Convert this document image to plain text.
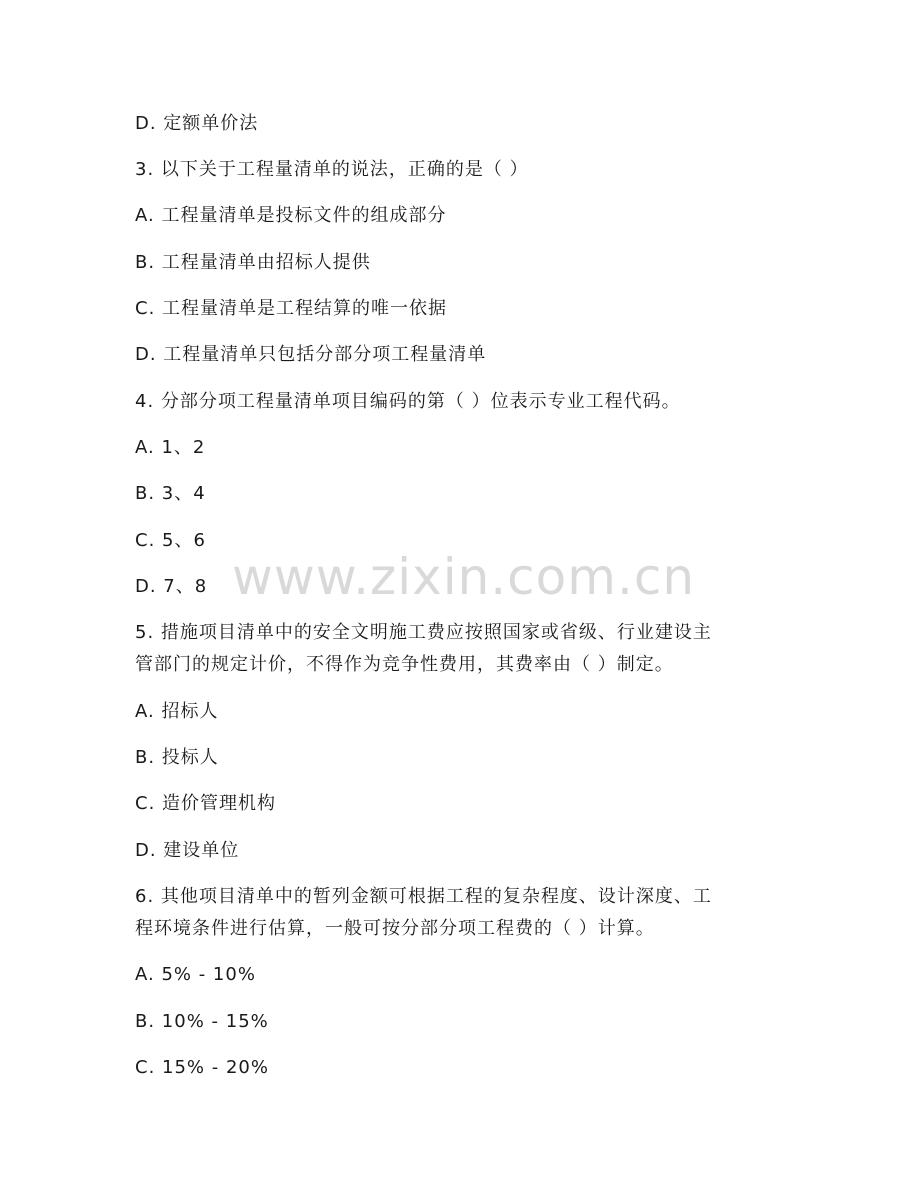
D. 定额单价法
3. 以下关于工程量清单的说法，正确的是（ ）
A. 工程量清单是投标文件的组成部分
B. 工程量清单由招标人提供
C. 工程量清单是工程结算的唯一依据
D. 工程量清单只包括分部分项工程量清单
4. 分部分项工程量清单项目编码的第（ ）位表示专业工程代码。
A. 1、2
B. 3、4
C. 5、6
D. 7、8
5. 措施项目清单中的安全文明施工费应按照国家或省级、行业建设主
管部门的规定计价，不得作为竞争性费用，其费率由（ ）制定。
A. 招标人
B. 投标人
C. 造价管理机构
D. 建设单位
6. 其他项目清单中的暂列金额可根据工程的复杂程度、设计深度、工
程环境条件进行估算，一般可按分部分项工程费的（ ）计算。
A. 5% - 10%
B. 10% - 15%
C. 15% - 20%
www.zixin.com.cn
